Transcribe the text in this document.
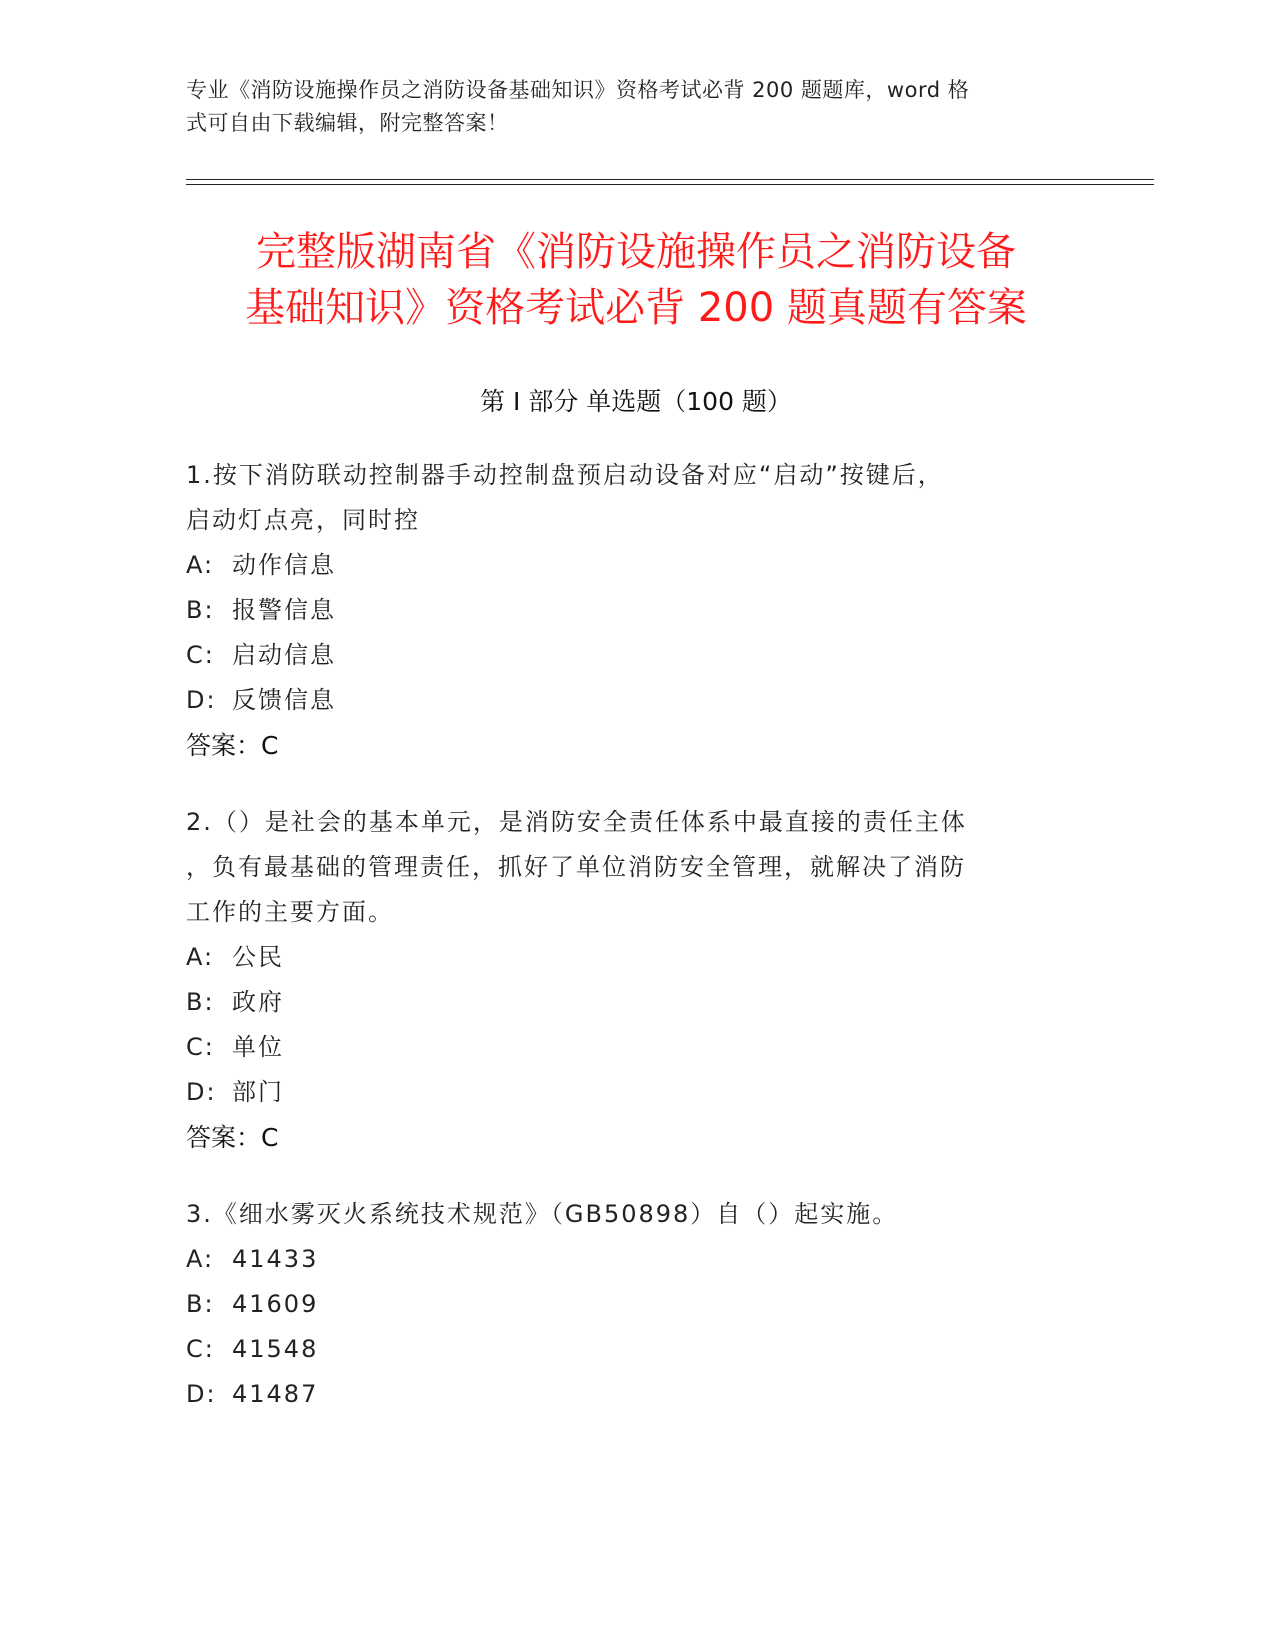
专业《消防设施操作员之消防设备基础知识》资格考试必背 200 题题库，word 格
式可自由下载编辑，附完整答案！
完整版湖南省《消防设施操作员之消防设备
基础知识》资格考试必背 200 题真题有答案
第 I 部分 单选题（100 题）
1.按下消防联动控制器手动控制盘预启动设备对应“启动”按键后，
启动灯点亮，同时控
A: 动作信息
B: 报警信息
C: 启动信息
D: 反馈信息
答案：C
2.（）是社会的基本单元，是消防安全责任体系中最直接的责任主体
，负有最基础的管理责任，抓好了单位消防安全管理，就解决了消防
工作的主要方面。
A: 公民
B: 政府
C: 单位
D: 部门
答案：C
3.《细水雾灭火系统技术规范》（GB50898）自（）起实施。
A: 41433
B: 41609
C: 41548
D: 41487
